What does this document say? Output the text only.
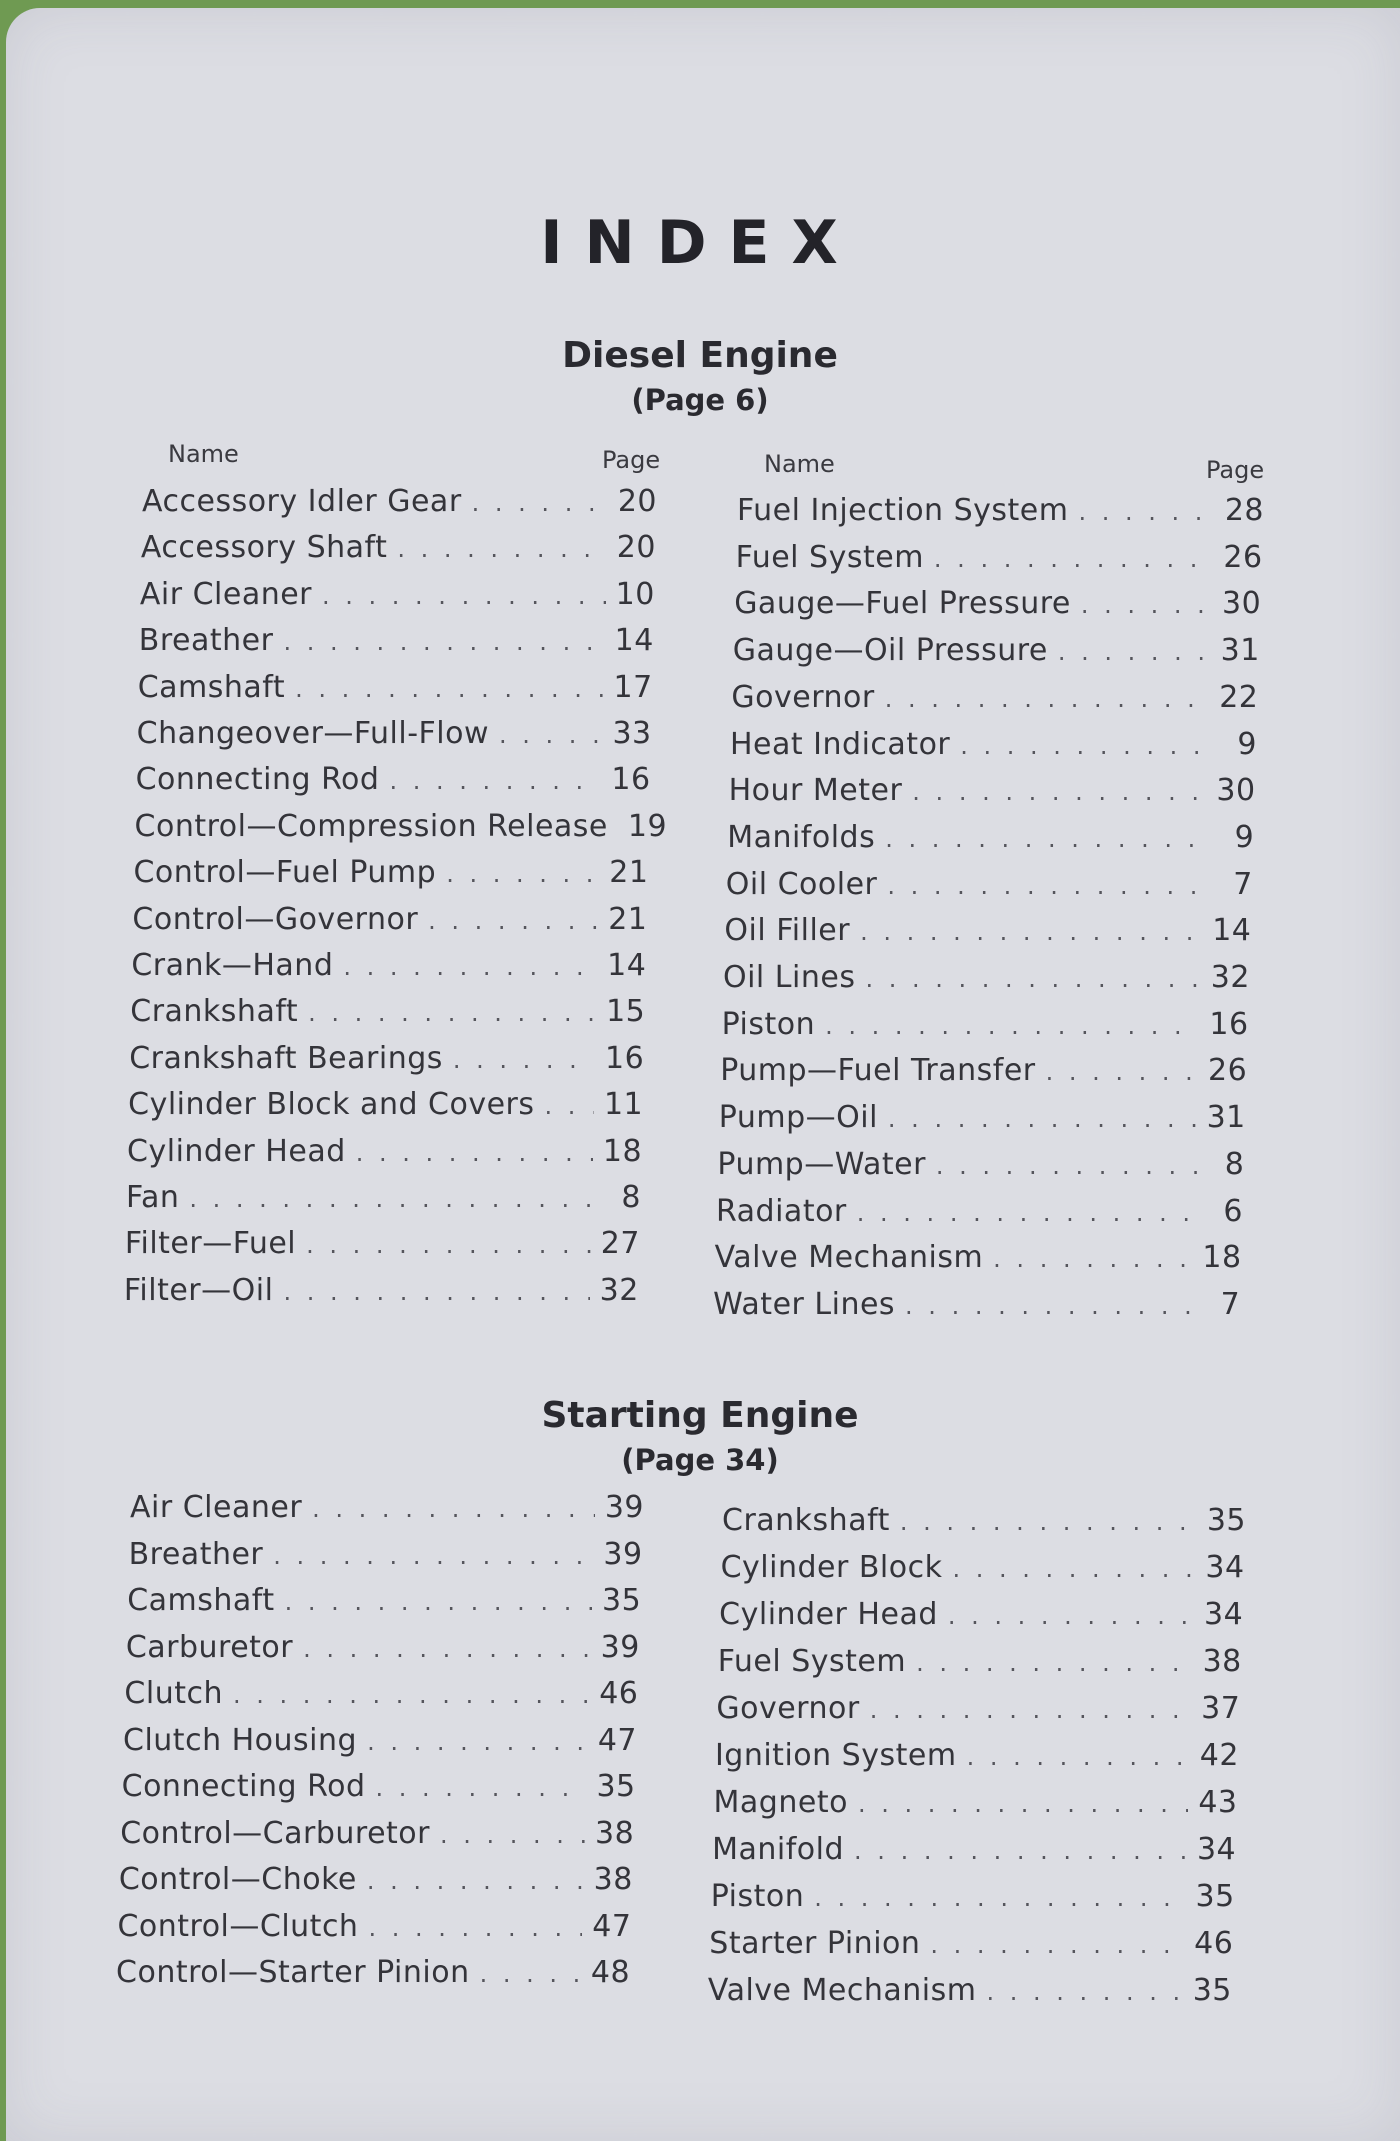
INDEX
Diesel Engine
(Page 6)
Name	Page	Name	Page
Starting Engine
(Page 34)
Accessory Idler Gear . . .	20
Accessory Shaft . . .	20
Air Cleaner . . .	10
Breather . . .	14
Camshaft . . .	17
Changeover—Full-Flow . . .	33
Connecting Rod . . .	16
Control—Compression Release 19
Control—Fuel Pump . . .	21
Control—Governor . . .	21
Crank—Hand . . .	14
Crankshaft . . .	15
Crankshaft Bearings . . .	16
Cylinder Block and Covers . . . 11
Cylinder Head . . .	18
Fan . . .	8
Filter—Fuel . . .	27
Filter—Oil . . .	32
Fuel Injection System . . .	28
Fuel System . . .	26
Gauge—Fuel Pressure . . .	30
Gauge—Oil Pressure . . .	31
Governor . . .	22
Heat Indicator . . .	9
Hour Meter . . .	30
Manifolds . . .	9
Oil Cooler . . .	7
Oil Filler . . .	14
Oil Lines . . .	32
Piston . . .	16
Pump—Fuel Transfer . . .	26
Pump—Oil . . .	31
Pump—Water . . .	8
Radiator . . .	6
Valve Mechanism . . .	18
Water Lines . . .	7
Air Cleaner . . .	39
Breather . . .	39
Camshaft . . .	35
Carburetor . . .	39
Clutch . . .	46
Clutch Housing . . .	47
Connecting Rod . . .	35
Control—Carburetor . . .	38
Control—Choke . . .	38
Control—Clutch . . .	47
Control—Starter Pinion . . .	48
Crankshaft . . .	35
Cylinder Block . . .	34
Cylinder Head . . .	34
Fuel System . . .	38
Governor . . .	37
Ignition System . . .	42
Magneto . . .	43
Manifold . . .	34
Piston . . .	35
Starter Pinion . . .	46
Valve Mechanism . . .	35
